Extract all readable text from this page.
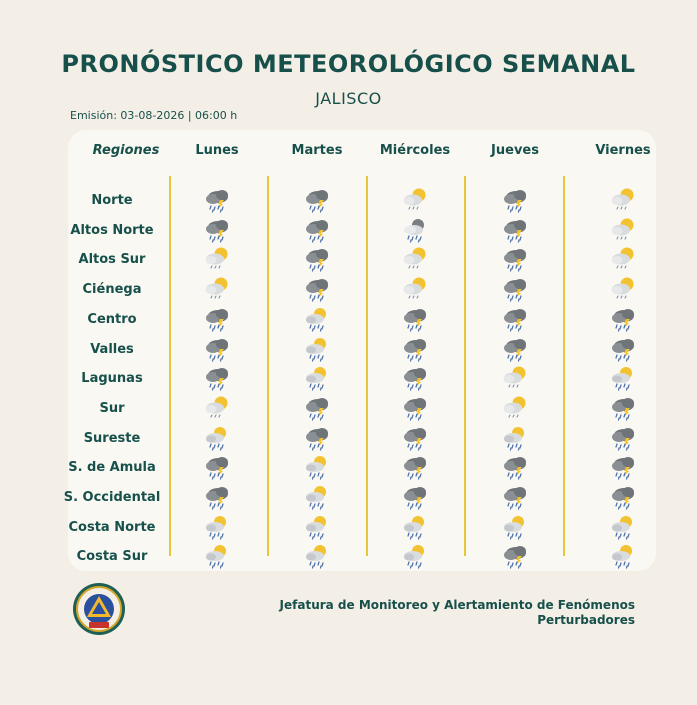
PRONÓSTICO METEOROLÓGICO SEMANAL
JALISCO
Emisión: 03-08-2026 | 06:00 h
Regiones	Lunes	Martes	Miércoles	Jueves	Viernes
Norte
Altos Norte
Altos Sur
Ciénega
Centro
Valles
Lagunas
Sur
Sureste
S. de Amula
S. Occidental
Costa Norte
Costa Sur
Jefatura de Monitoreo y Alertamiento de Fenómenos
Perturbadores
